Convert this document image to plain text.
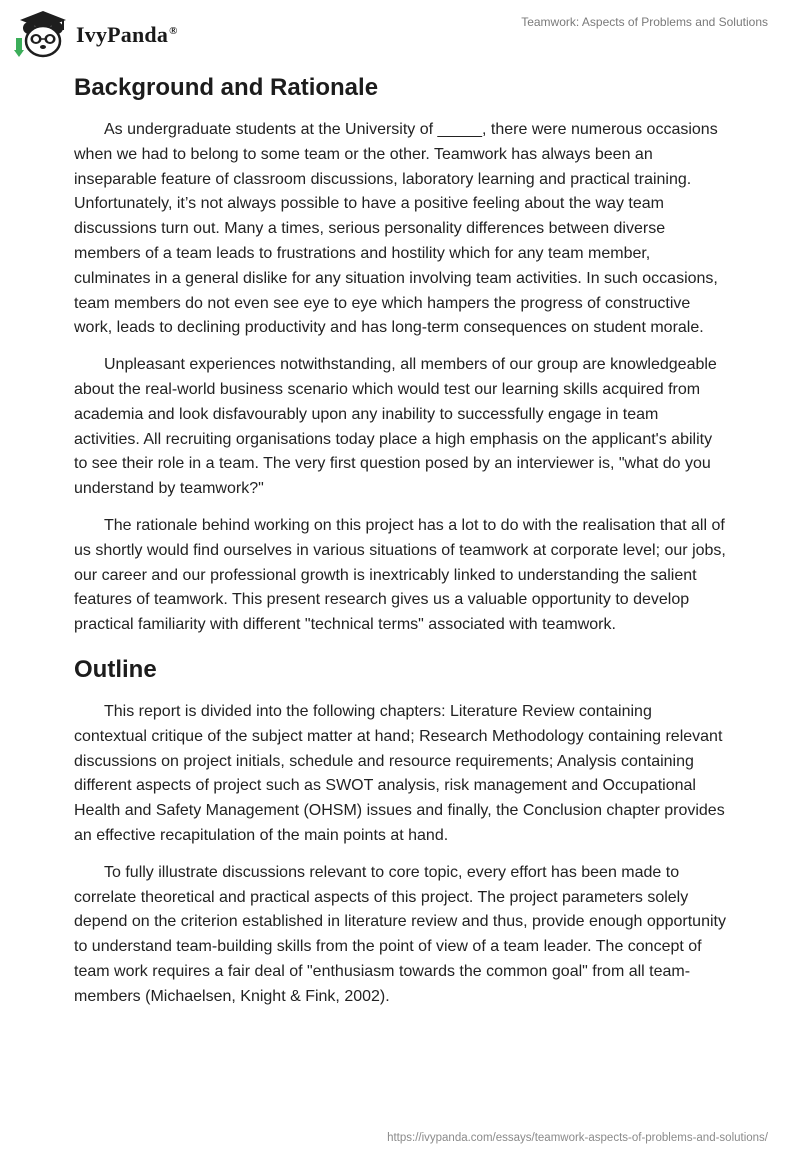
IvyPanda®
Teamwork: Aspects of Problems and Solutions
Background and Rationale

As undergraduate students at the University of _____, there were numerous occasions when we had to belong to some team or the other. Teamwork has always been an inseparable feature of classroom discussions, laboratory learning and practical training. Unfortunately, it’s not always possible to have a positive feeling about the way team discussions turn out. Many a times, serious personality differences between diverse members of a team leads to frustrations and hostility which for any team member, culminates in a general dislike for any situation involving team activities. In such occasions, team members do not even see eye to eye which hampers the progress of constructive work, leads to declining productivity and has long-term consequences on student morale.

Unpleasant experiences notwithstanding, all members of our group are knowledgeable about the real-world business scenario which would test our learning skills acquired from academia and look disfavourably upon any inability to successfully engage in team activities. All recruiting organisations today place a high emphasis on the applicant's ability to see their role in a team. The very first question posed by an interviewer is, "what do you understand by teamwork?"

The rationale behind working on this project has a lot to do with the realisation that all of us shortly would find ourselves in various situations of teamwork at corporate level; our jobs, our career and our professional growth is inextricably linked to understanding the salient features of teamwork. This present research gives us a valuable opportunity to develop practical familiarity with different "technical terms" associated with teamwork.

Outline

This report is divided into the following chapters: Literature Review containing contextual critique of the subject matter at hand; Research Methodology containing relevant discussions on project initials, schedule and resource requirements; Analysis containing different aspects of project such as SWOT analysis, risk management and Occupational Health and Safety Management (OHSM) issues and finally, the Conclusion chapter provides an effective recapitulation of the main points at hand.

To fully illustrate discussions relevant to core topic, every effort has been made to correlate theoretical and practical aspects of this project. The project parameters solely depend on the criterion established in literature review and thus, provide enough opportunity to understand team-building skills from the point of view of a team leader. The concept of team work requires a fair deal of "enthusiasm towards the common goal" from all team-members (Michaelsen, Knight & Fink, 2002).

https://ivypanda.com/essays/teamwork-aspects-of-problems-and-solutions/
